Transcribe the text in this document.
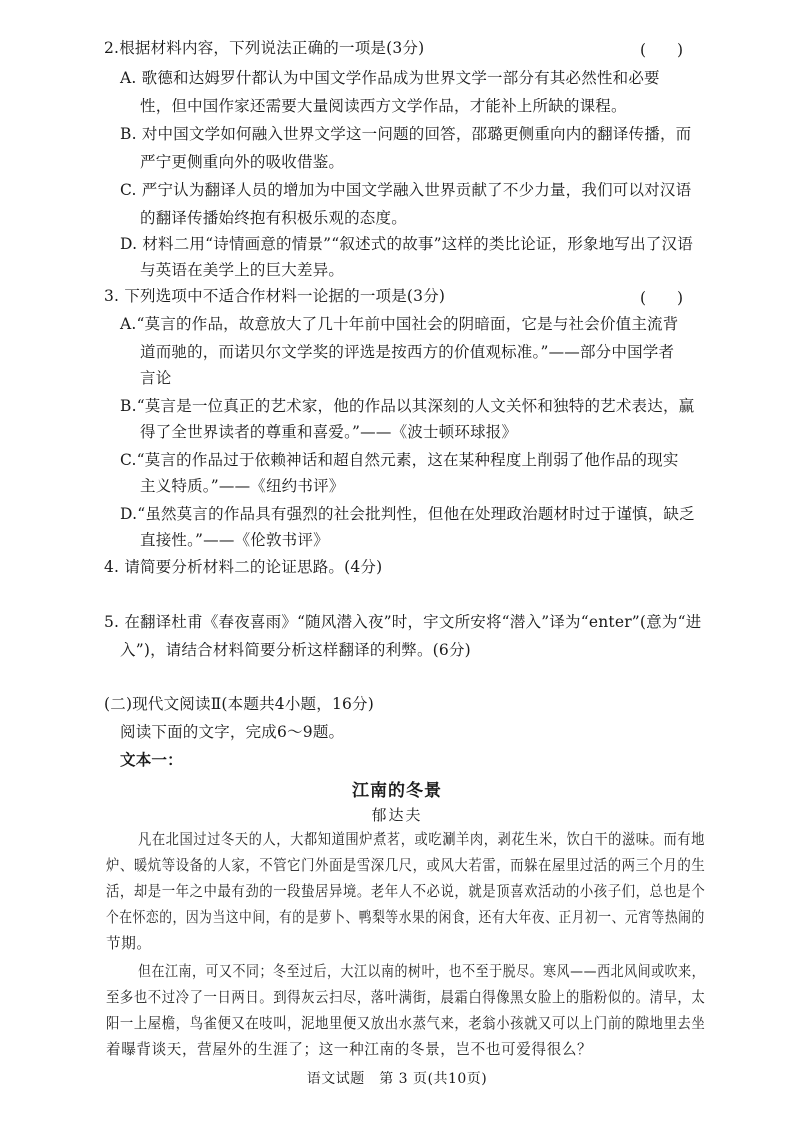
2.根据材料内容，下列说法正确的一项是(3分)	(　　)
A. 歌德和达姆罗什都认为中国文学作品成为世界文学一部分有其必然性和必要
性，但中国作家还需要大量阅读西方文学作品，才能补上所缺的课程。
B. 对中国文学如何融入世界文学这一问题的回答，邵璐更侧重向内的翻译传播，而
严宁更侧重向外的吸收借鉴。
C. 严宁认为翻译人员的增加为中国文学融入世界贡献了不少力量，我们可以对汉语
的翻译传播始终抱有积极乐观的态度。
D. 材料二用“诗情画意的情景”“叙述式的故事”这样的类比论证，形象地写出了汉语
与英语在美学上的巨大差异。
3. 下列选项中不适合作材料一论据的一项是(3分)	(　　)
A.“莫言的作品，故意放大了几十年前中国社会的阴暗面，它是与社会价值主流背
道而驰的，而诺贝尔文学奖的评选是按西方的价值观标准。”——部分中国学者
言论
B.“莫言是一位真正的艺术家，他的作品以其深刻的人文关怀和独特的艺术表达，赢
得了全世界读者的尊重和喜爱。”——《波士顿环球报》
C.“莫言的作品过于依赖神话和超自然元素，这在某种程度上削弱了他作品的现实
主义特质。”——《纽约书评》
D.“虽然莫言的作品具有强烈的社会批判性，但他在处理政治题材时过于谨慎，缺乏
直接性。”——《伦敦书评》
4. 请简要分析材料二的论证思路。(4分)
5. 在翻译杜甫《春夜喜雨》“随风潜入夜”时，宇文所安将“潜入”译为“enter”(意为“进
入”)，请结合材料简要分析这样翻译的利弊。(6分)
(二)现代文阅读Ⅱ(本题共4小题，16分)
阅读下面的文字，完成6～9题。
文本一：
江南的冬景
郁达夫
凡在北国过过冬天的人，大都知道围炉煮茗，或吃涮羊肉，剥花生米，饮白干的滋味。而有地
炉、暖炕等设备的人家，不管它门外面是雪深几尺，或风大若雷，而躲在屋里过活的两三个月的生
活，却是一年之中最有劲的一段蛰居异境。老年人不必说，就是顶喜欢活动的小孩子们，总也是个
个在怀恋的，因为当这中间，有的是萝卜、鸭梨等水果的闲食，还有大年夜、正月初一、元宵等热闹的
节期。
但在江南，可又不同；冬至过后，大江以南的树叶，也不至于脱尽。寒风——西北风间或吹来，
至多也不过冷了一日两日。到得灰云扫尽，落叶满街，晨霜白得像黑女脸上的脂粉似的。清早，太
阳一上屋檐，鸟雀便又在吱叫，泥地里便又放出水蒸气来，老翁小孩就又可以上门前的隙地里去坐
着曝背谈天，营屋外的生涯了；这一种江南的冬景，岂不也可爱得很么？
语文试题　第 3 页(共10页)
